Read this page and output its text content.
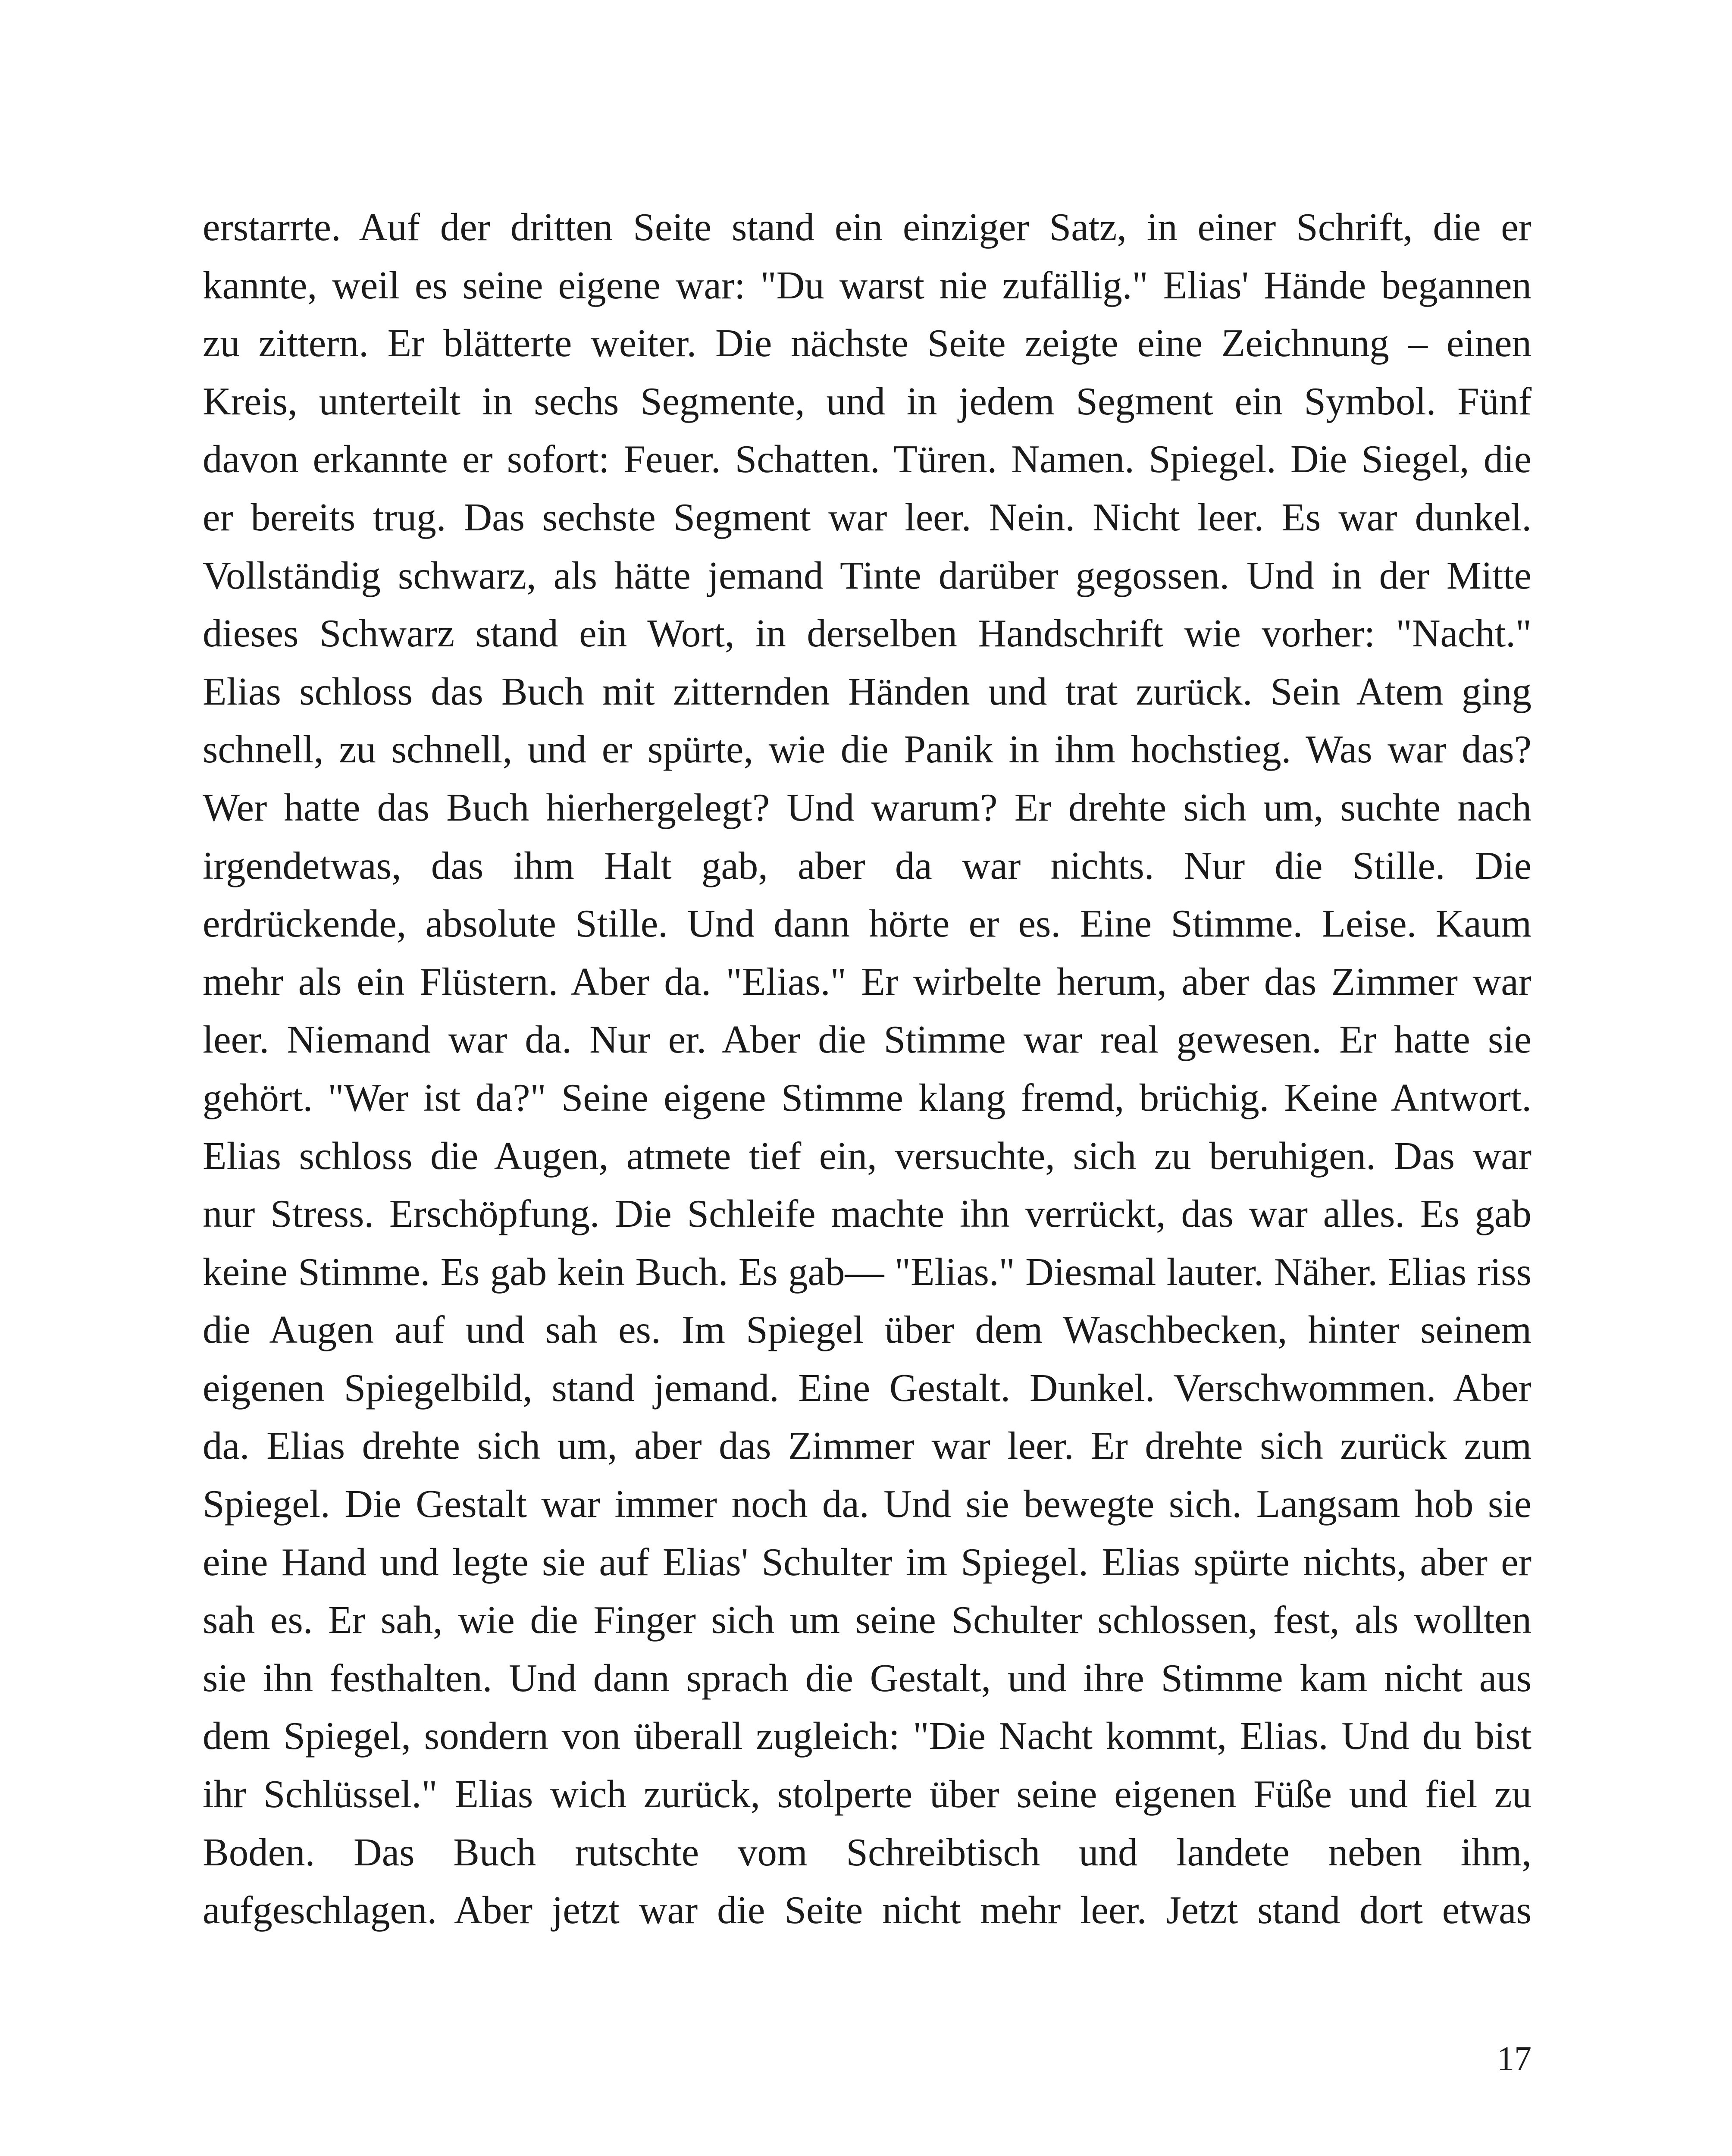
erstarrte. Auf der dritten Seite stand ein einziger Satz, in einer Schrift, die er
kannte, weil es seine eigene war: "Du warst nie zufällig." Elias' Hände begannen
zu zittern. Er blätterte weiter. Die nächste Seite zeigte eine Zeichnung – einen
Kreis, unterteilt in sechs Segmente, und in jedem Segment ein Symbol. Fünf
davon erkannte er sofort: Feuer. Schatten. Türen. Namen. Spiegel. Die Siegel, die
er bereits trug. Das sechste Segment war leer. Nein. Nicht leer. Es war dunkel.
Vollständig schwarz, als hätte jemand Tinte darüber gegossen. Und in der Mitte
dieses Schwarz stand ein Wort, in derselben Handschrift wie vorher: "Nacht."
Elias schloss das Buch mit zitternden Händen und trat zurück. Sein Atem ging
schnell, zu schnell, und er spürte, wie die Panik in ihm hochstieg. Was war das?
Wer hatte das Buch hierhergelegt? Und warum? Er drehte sich um, suchte nach
irgendetwas, das ihm Halt gab, aber da war nichts. Nur die Stille. Die
erdrückende, absolute Stille. Und dann hörte er es. Eine Stimme. Leise. Kaum
mehr als ein Flüstern. Aber da. "Elias." Er wirbelte herum, aber das Zimmer war
leer. Niemand war da. Nur er. Aber die Stimme war real gewesen. Er hatte sie
gehört. "Wer ist da?" Seine eigene Stimme klang fremd, brüchig. Keine Antwort.
Elias schloss die Augen, atmete tief ein, versuchte, sich zu beruhigen. Das war
nur Stress. Erschöpfung. Die Schleife machte ihn verrückt, das war alles. Es gab
keine Stimme. Es gab kein Buch. Es gab— "Elias." Diesmal lauter. Näher. Elias riss
die Augen auf und sah es. Im Spiegel über dem Waschbecken, hinter seinem
eigenen Spiegelbild, stand jemand. Eine Gestalt. Dunkel. Verschwommen. Aber
da. Elias drehte sich um, aber das Zimmer war leer. Er drehte sich zurück zum
Spiegel. Die Gestalt war immer noch da. Und sie bewegte sich. Langsam hob sie
eine Hand und legte sie auf Elias' Schulter im Spiegel. Elias spürte nichts, aber er
sah es. Er sah, wie die Finger sich um seine Schulter schlossen, fest, als wollten
sie ihn festhalten. Und dann sprach die Gestalt, und ihre Stimme kam nicht aus
dem Spiegel, sondern von überall zugleich: "Die Nacht kommt, Elias. Und du bist
ihr Schlüssel." Elias wich zurück, stolperte über seine eigenen Füße und fiel zu
Boden. Das Buch rutschte vom Schreibtisch und landete neben ihm,
aufgeschlagen. Aber jetzt war die Seite nicht mehr leer. Jetzt stand dort etwas

17
